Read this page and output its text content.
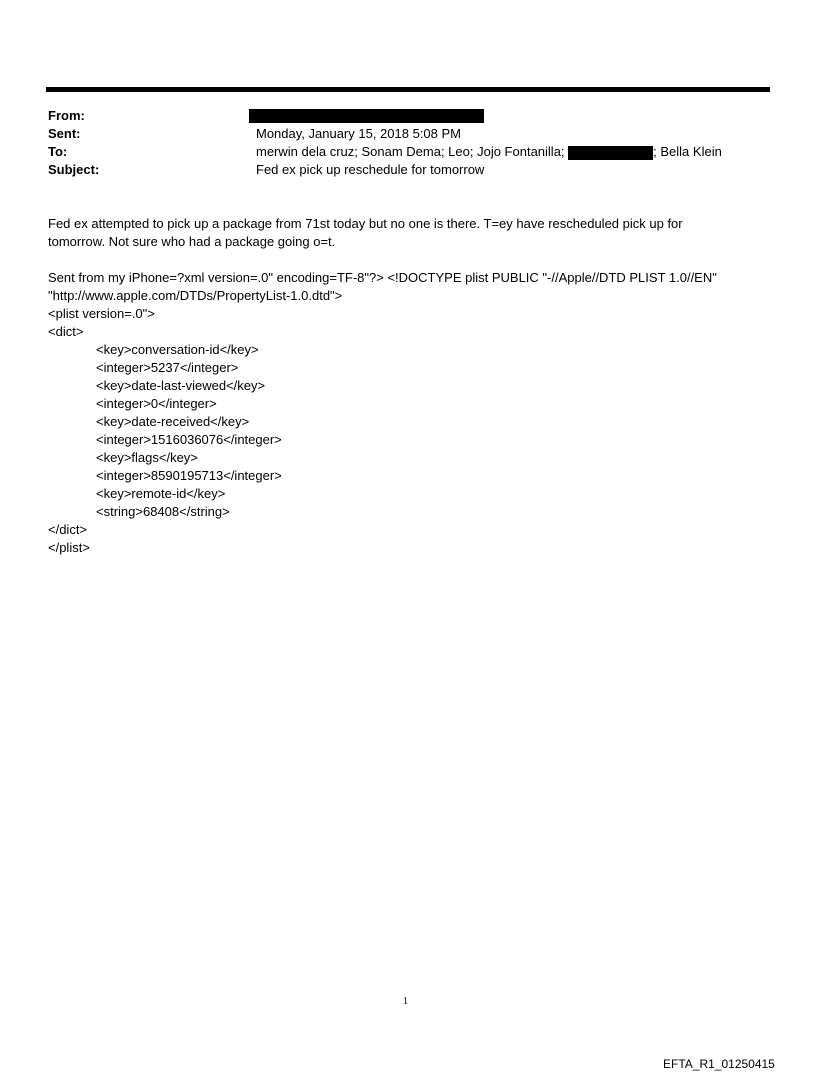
From:
Sent:
To:
Subject:
Monday, January 15, 2018 5:08 PM
merwin dela cruz; Sonam Dema; Leo; Jojo Fontanilla;	; Bella Klein
Fed ex pick up reschedule for tomorrow
Fed ex attempted to pick up a package from 71st today but no one is there. T=ey have rescheduled pick up for
tomorrow. Not sure who had a package going o=t.
Sent from my iPhone=?xml version=.0" encoding=TF-8"?> <!DOCTYPE plist PUBLIC "-//Apple//DTD PLIST 1.0//EN"
"http://www.apple.com/DTDs/PropertyList-1.0.dtd">
<plist version=.0">
<dict>
<key>conversation-id</key>
<integer>5237</integer>
<key>date-last-viewed</key>
<integer>0</integer>
<key>date-received</key>
<integer>1516036076</integer>
<key>flags</key>
<integer>8590195713</integer>
<key>remote-id</key>
<string>68408</string>
</dict>
</plist>
1
EFTA_R1_01250415
